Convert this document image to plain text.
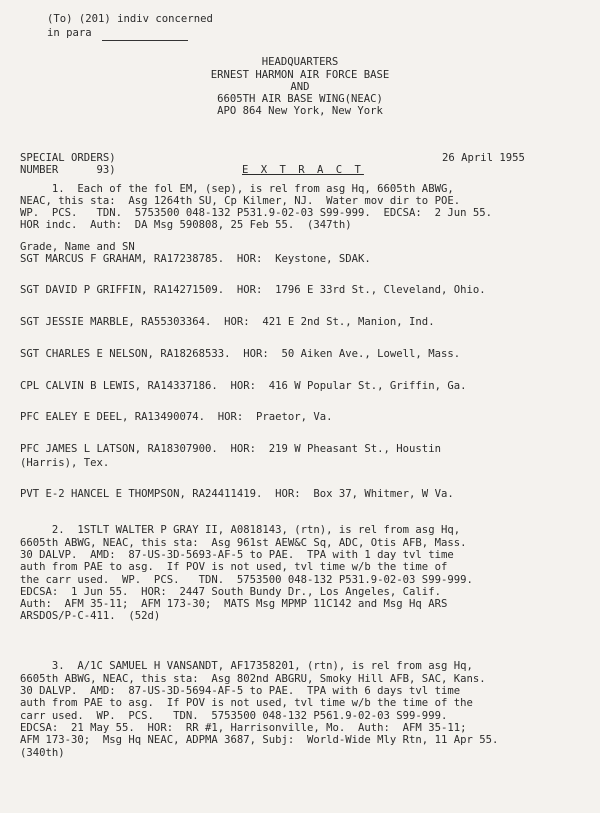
(To) (201) indiv concerned
in para
HEADQUARTERS
ERNEST HARMON AIR FORCE BASE
AND
6605TH AIR BASE WING(NEAC)
APO 864 New York, New York
SPECIAL ORDERS)
NUMBER      93)	E X T R A C T
26 April 1955
1.  Each of the fol EM, (sep), is rel from asg Hq, 6605th ABWG,
NEAC, this sta:  Asg 1264th SU, Cp Kilmer, NJ.  Water mov dir to POE.
WP.  PCS.   TDN.  5753500 048-132 P531.9-02-03 S99-999.  EDCSA:  2 Jun 55.
HOR indc.  Auth:  DA Msg 590808, 25 Feb 55.  (347th)
Grade, Name and SN
SGT MARCUS F GRAHAM, RA17238785.  HOR:  Keystone, SDAK.
SGT DAVID P GRIFFIN, RA14271509.  HOR:  1796 E 33rd St., Cleveland, Ohio.
SGT JESSIE MARBLE, RA55303364.  HOR:  421 E 2nd St., Manion, Ind.
SGT CHARLES E NELSON, RA18268533.  HOR:  50 Aiken Ave., Lowell, Mass.
CPL CALVIN B LEWIS, RA14337186.  HOR:  416 W Popular St., Griffin, Ga.
PFC EALEY E DEEL, RA13490074.  HOR:  Praetor, Va.
PFC JAMES L LATSON, RA18307900.  HOR:  219 W Pheasant St., Houstin
(Harris), Tex.
PVT E-2 HANCEL E THOMPSON, RA24411419.  HOR:  Box 37, Whitmer, W Va.
2.  1STLT WALTER P GRAY II, A0818143, (rtn), is rel from asg Hq,
6605th ABWG, NEAC, this sta:  Asg 961st AEW&C Sq, ADC, Otis AFB, Mass.
30 DALVP.  AMD:  87-US-3D-5693-AF-5 to PAE.  TPA with 1 day tvl time
auth from PAE to asg.  If POV is not used, tvl time w/b the time of
the carr used.  WP.  PCS.   TDN.  5753500 048-132 P531.9-02-03 S99-999.
EDCSA:  1 Jun 55.  HOR:  2447 South Bundy Dr., Los Angeles, Calif.
Auth:  AFM 35-11;  AFM 173-30;  MATS Msg MPMP 11C142 and Msg Hq ARS
ARSDOS/P-C-411.  (52d)
3.  A/1C SAMUEL H VANSANDT, AF17358201, (rtn), is rel from asg Hq,
6605th ABWG, NEAC, this sta:  Asg 802nd ABGRU, Smoky Hill AFB, SAC, Kans.
30 DALVP.  AMD:  87-US-3D-5694-AF-5 to PAE.  TPA with 6 days tvl time
auth from PAE to asg.  If POV is not used, tvl time w/b the time of the
carr used.  WP.  PCS.   TDN.  5753500 048-132 P561.9-02-03 S99-999.
EDCSA:  21 May 55.  HOR:  RR #1, Harrisonville, Mo.  Auth:  AFM 35-11;
AFM 173-30;  Msg Hq NEAC, ADPMA 3687, Subj:  World-Wide Mly Rtn, 11 Apr 55.
(340th)
